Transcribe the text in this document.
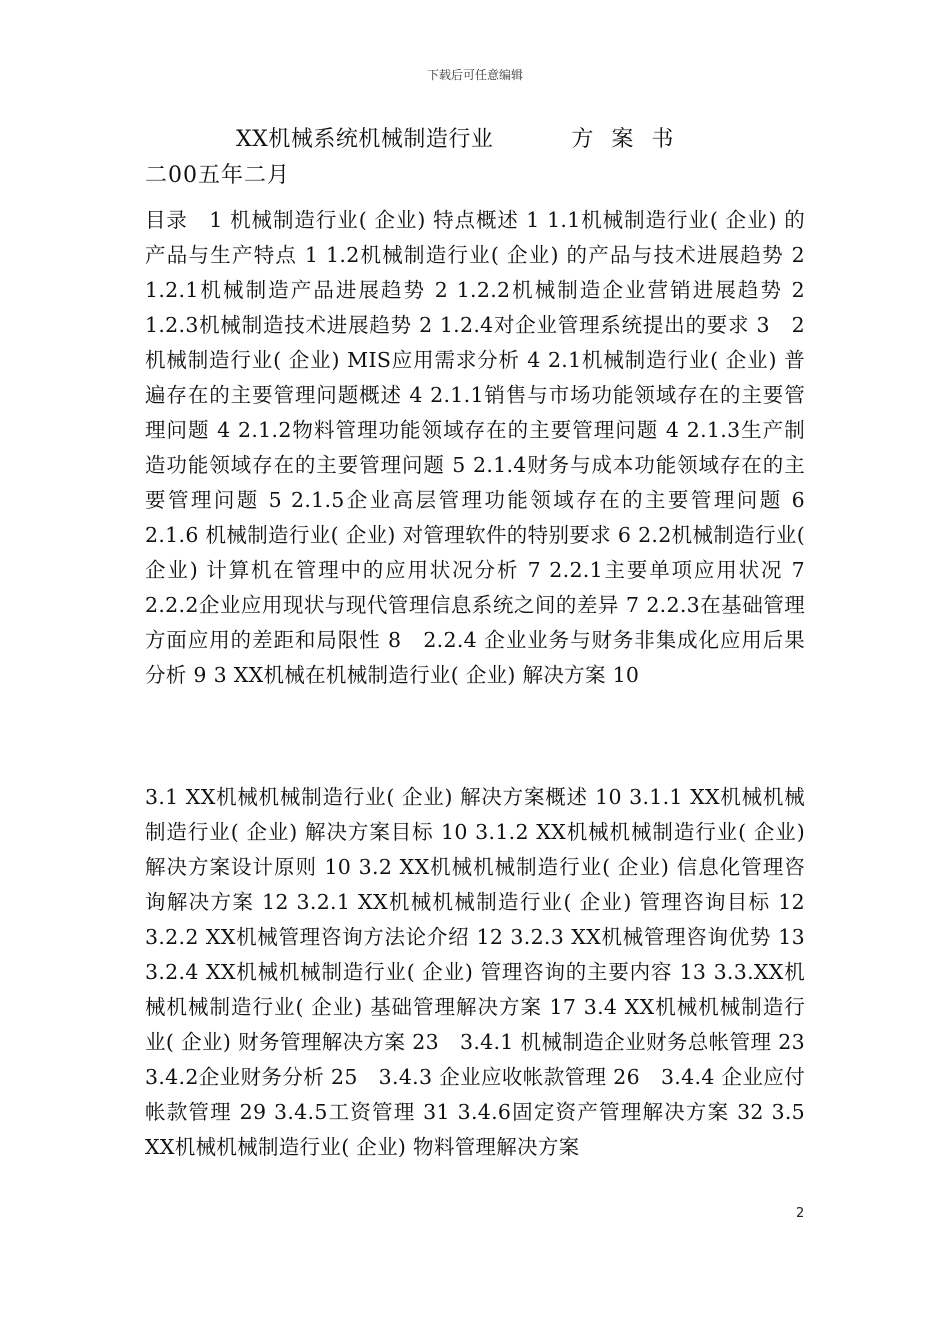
下载后可任意编辑
XX机械系统机械制造行业	方案书
二00五年二月
目录　1 机械制造行业( 企业) 特点概述 1 1.1机械制造行业( 企业) 的产品与生产特点 1 1.2机械制造行业( 企业) 的产品与技术进展趋势 2 1.2.1机械制造产品进展趋势 2 1.2.2机械制造企业营销进展趋势 2 1.2.3机械制造技术进展趋势 2 1.2.4对企业管理系统提出的要求 3　2 机械制造行业( 企业) MIS应用需求分析 4 2.1机械制造行业( 企业) 普遍存在的主要管理问题概述 4 2.1.1销售与市场功能领域存在的主要管理问题 4 2.1.2物料管理功能领域存在的主要管理问题 4 2.1.3生产制造功能领域存在的主要管理问题 5 2.1.4财务与成本功能领域存在的主要管理问题 5 2.1.5企业高层管理功能领域存在的主要管理问题 6　2.1.6 机械制造行业( 企业) 对管理软件的特别要求 6 2.2机械制造行业( 企业) 计算机在管理中的应用状况分析 7 2.2.1主要单项应用状况 7 2.2.2企业应用现状与现代管理信息系统之间的差异 7 2.2.3在基础管理方面应用的差距和局限性 8　2.2.4 企业业务与财务非集成化应用后果分析 9 3 XX机械在机械制造行业( 企业) 解决方案 10
3.1 XX机械机械制造行业( 企业) 解决方案概述 10 3.1.1 XX机械机械制造行业( 企业) 解决方案目标 10 3.1.2 XX机械机械制造行业( 企业) 解决方案设计原则 10 3.2 XX机械机械制造行业( 企业) 信息化管理咨询解决方案 12 3.2.1 XX机械机械制造行业( 企业) 管理咨询目标 12 3.2.2 XX机械管理咨询方法论介绍 12 3.2.3 XX机械管理咨询优势 13 3.2.4 XX机械机械制造行业( 企业) 管理咨询的主要内容 13 3.3.XX机械机械制造行业( 企业) 基础管理解决方案 17 3.4 XX机械机械制造行业( 企业) 财务管理解决方案 23　3.4.1 机械制造企业财务总帐管理 23　3.4.2企业财务分析 25　3.4.3 企业应收帐款管理 26　3.4.4 企业应付帐款管理 29 3.4.5工资管理 31 3.4.6固定资产管理解决方案 32 3.5 XX机械机械制造行业( 企业) 物料管理解决方案
2
